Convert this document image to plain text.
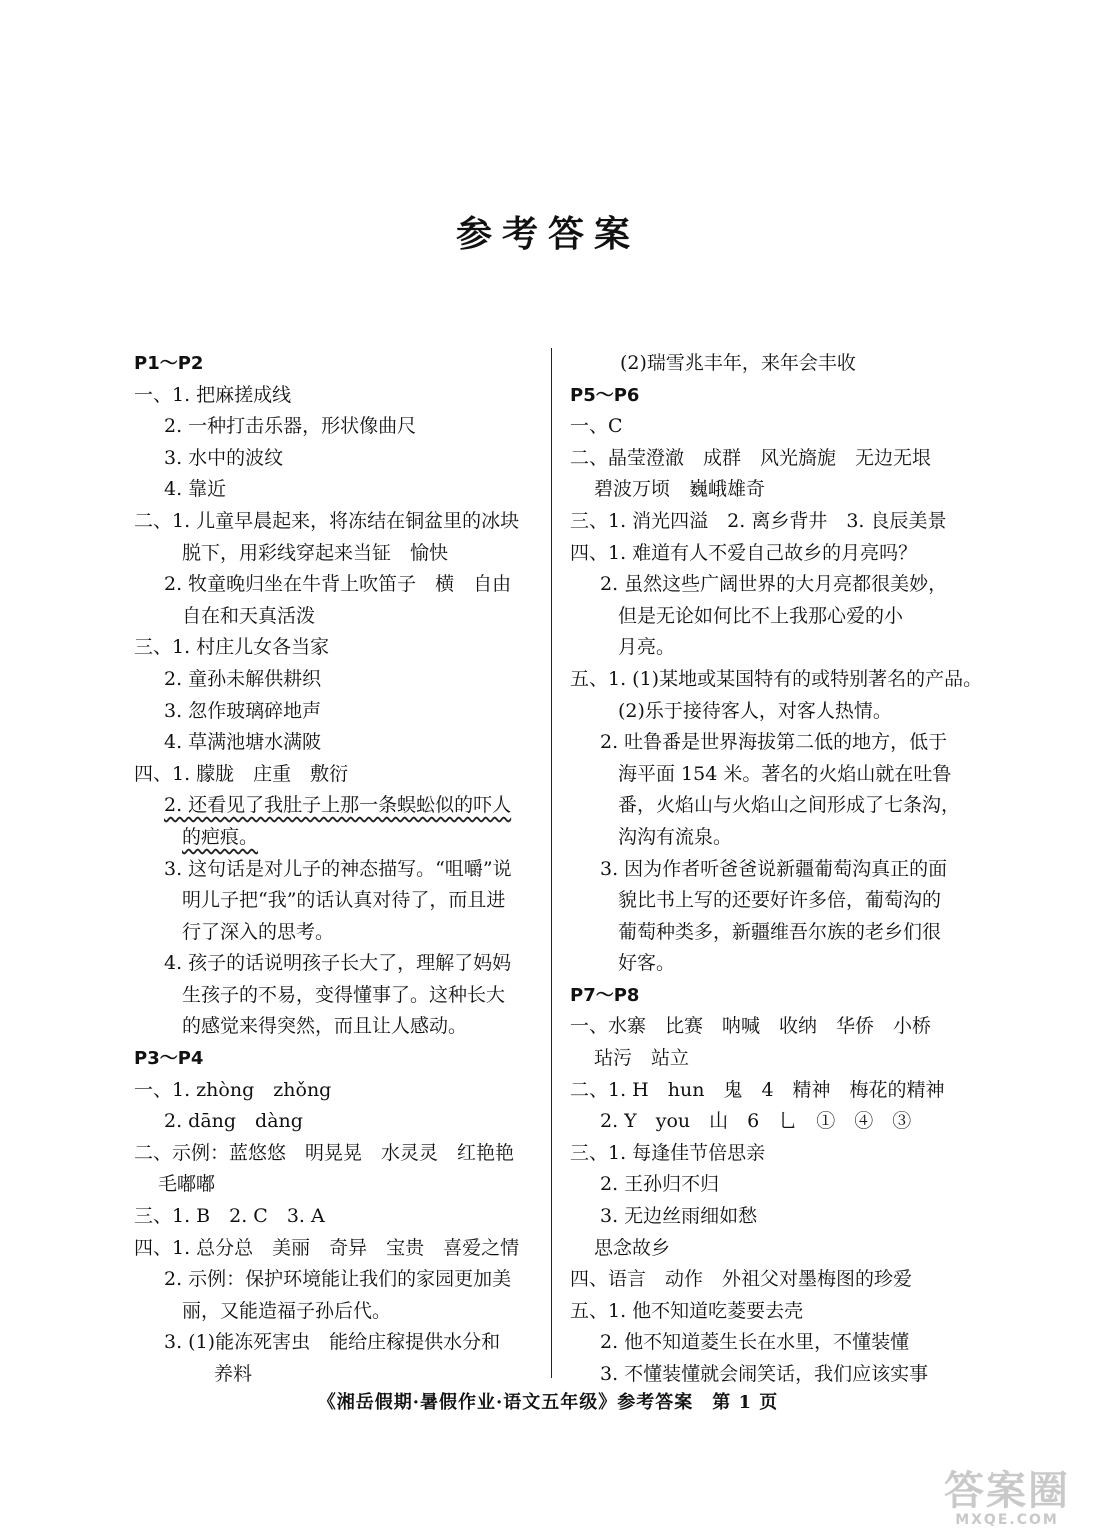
参考答案
P1～P2
一、1. 把麻搓成线
2. 一种打击乐器，形状像曲尺
3. 水中的波纹
4. 靠近
二、1. 儿童早晨起来，将冻结在铜盆里的冰块
脱下，用彩线穿起来当钲　愉快
2. 牧童晚归坐在牛背上吹笛子　横　自由
自在和天真活泼
三、1. 村庄儿女各当家
2. 童孙未解供耕织
3. 忽作玻璃碎地声
4. 草满池塘水满陂
四、1. 朦胧　庄重　敷衍
2. 还看见了我肚子上那一条蜈蚣似的吓人
的疤痕。
3. 这句话是对儿子的神态描写。“咀嚼”说
明儿子把“我”的话认真对待了，而且进
行了深入的思考。
4. 孩子的话说明孩子长大了，理解了妈妈
生孩子的不易，变得懂事了。这种长大
的感觉来得突然，而且让人感动。
P3～P4
一、1. zhòng　zhǒng
2. dāng　dàng
二、示例：蓝悠悠　明晃晃　水灵灵　红艳艳
毛嘟嘟
三、1. B　2. C　3. A
四、1. 总分总　美丽　奇异　宝贵　喜爱之情
2. 示例：保护环境能让我们的家园更加美
丽，又能造福子孙后代。
3. (1)能冻死害虫　能给庄稼提供水分和
养料
(2)瑞雪兆丰年，来年会丰收
P5～P6
一、C
二、晶莹澄澈　成群　风光旖旎　无边无垠
碧波万顷　巍峨雄奇
三、1. 消光四溢　2. 离乡背井　3. 良辰美景
四、1. 难道有人不爱自己故乡的月亮吗？
2. 虽然这些广阔世界的大月亮都很美妙，
但是无论如何比不上我那心爱的小
月亮。
五、1. (1)某地或某国特有的或特别著名的产品。
(2)乐于接待客人，对客人热情。
2. 吐鲁番是世界海拔第二低的地方，低于
海平面 154 米。著名的火焰山就在吐鲁
番，火焰山与火焰山之间形成了七条沟，
沟沟有流泉。
3. 因为作者听爸爸说新疆葡萄沟真正的面
貌比书上写的还要好许多倍，葡萄沟的
葡萄种类多，新疆维吾尔族的老乡们很
好客。
P7～P8
一、水寨　比赛　呐喊　收纳　华侨　小桥
玷污　站立
二、1. H　hun　鬼　4　精神　梅花的精神
2. Y　you　山　6　乚　①　④　③
三、1. 每逢佳节倍思亲
2. 王孙归不归
3. 无边丝雨细如愁
思念故乡
四、语言　动作　外祖父对墨梅图的珍爱
五、1. 他不知道吃菱要去壳
2. 他不知道菱生长在水里，不懂装懂
3. 不懂装懂就会闹笑话，我们应该实事
《湘岳假期·暑假作业·语文五年级》参考答案　第 1 页
答案圈
MXQE.COM
